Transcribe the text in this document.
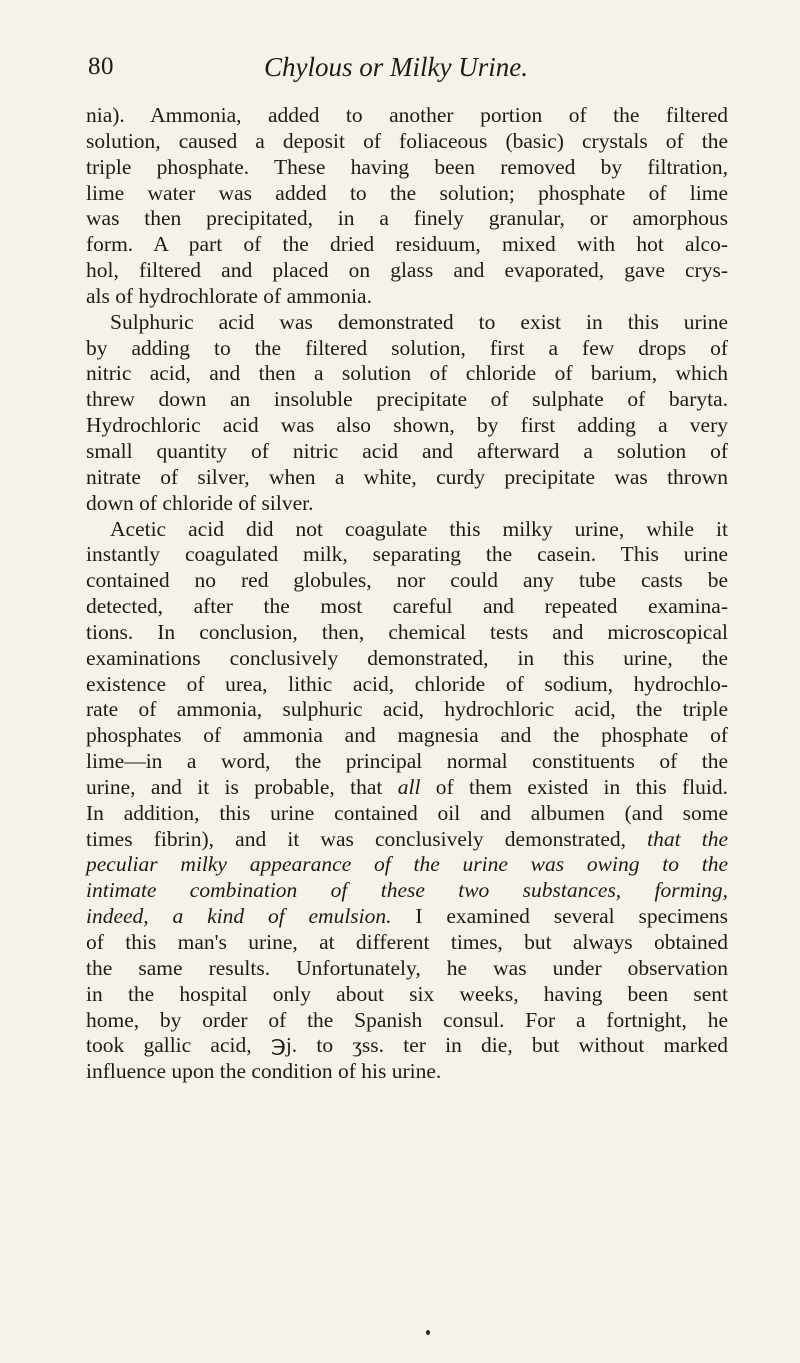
80	Chylous or Milky Urine.
nia). Ammonia, added to another portion of the filtered
solution, caused a deposit of foliaceous (basic) crystals of the
triple phosphate. These having been removed by filtration,
lime water was added to the solution; phosphate of lime
was then precipitated, in a finely granular, or amorphous
form. A part of the dried residuum, mixed with hot alco-
hol, filtered and placed on glass and evaporated, gave crys-
als of hydrochlorate of ammonia.
Sulphuric acid was demonstrated to exist in this urine
by adding to the filtered solution, first a few drops of
nitric acid, and then a solution of chloride of barium, which
threw down an insoluble precipitate of sulphate of baryta.
Hydrochloric acid was also shown, by first adding a very
small quantity of nitric acid and afterward a solution of
nitrate of silver, when a white, curdy precipitate was thrown
down of chloride of silver.
Acetic acid did not coagulate this milky urine, while it
instantly coagulated milk, separating the casein. This urine
contained no red globules, nor could any tube casts be
detected, after the most careful and repeated examina-
tions. In conclusion, then, chemical tests and microscopical
examinations conclusively demonstrated, in this urine, the
existence of urea, lithic acid, chloride of sodium, hydrochlo-
rate of ammonia, sulphuric acid, hydrochloric acid, the triple
phosphates of ammonia and magnesia and the phosphate of
lime—in a word, the principal normal constituents of the
urine, and it is probable, that all of them existed in this fluid.
In addition, this urine contained oil and albumen (and some
times fibrin), and it was conclusively demonstrated, that the
peculiar milky appearance of the urine was owing to the
intimate combination of these two substances, forming,
indeed, a kind of emulsion. I examined several specimens
of this man's urine, at different times, but always obtained
the same results. Unfortunately, he was under observation
in the hospital only about six weeks, having been sent
home, by order of the Spanish consul. For a fortnight, he
took gallic acid, ℈j. to ʒss. ter in die, but without marked
influence upon the condition of his urine.
